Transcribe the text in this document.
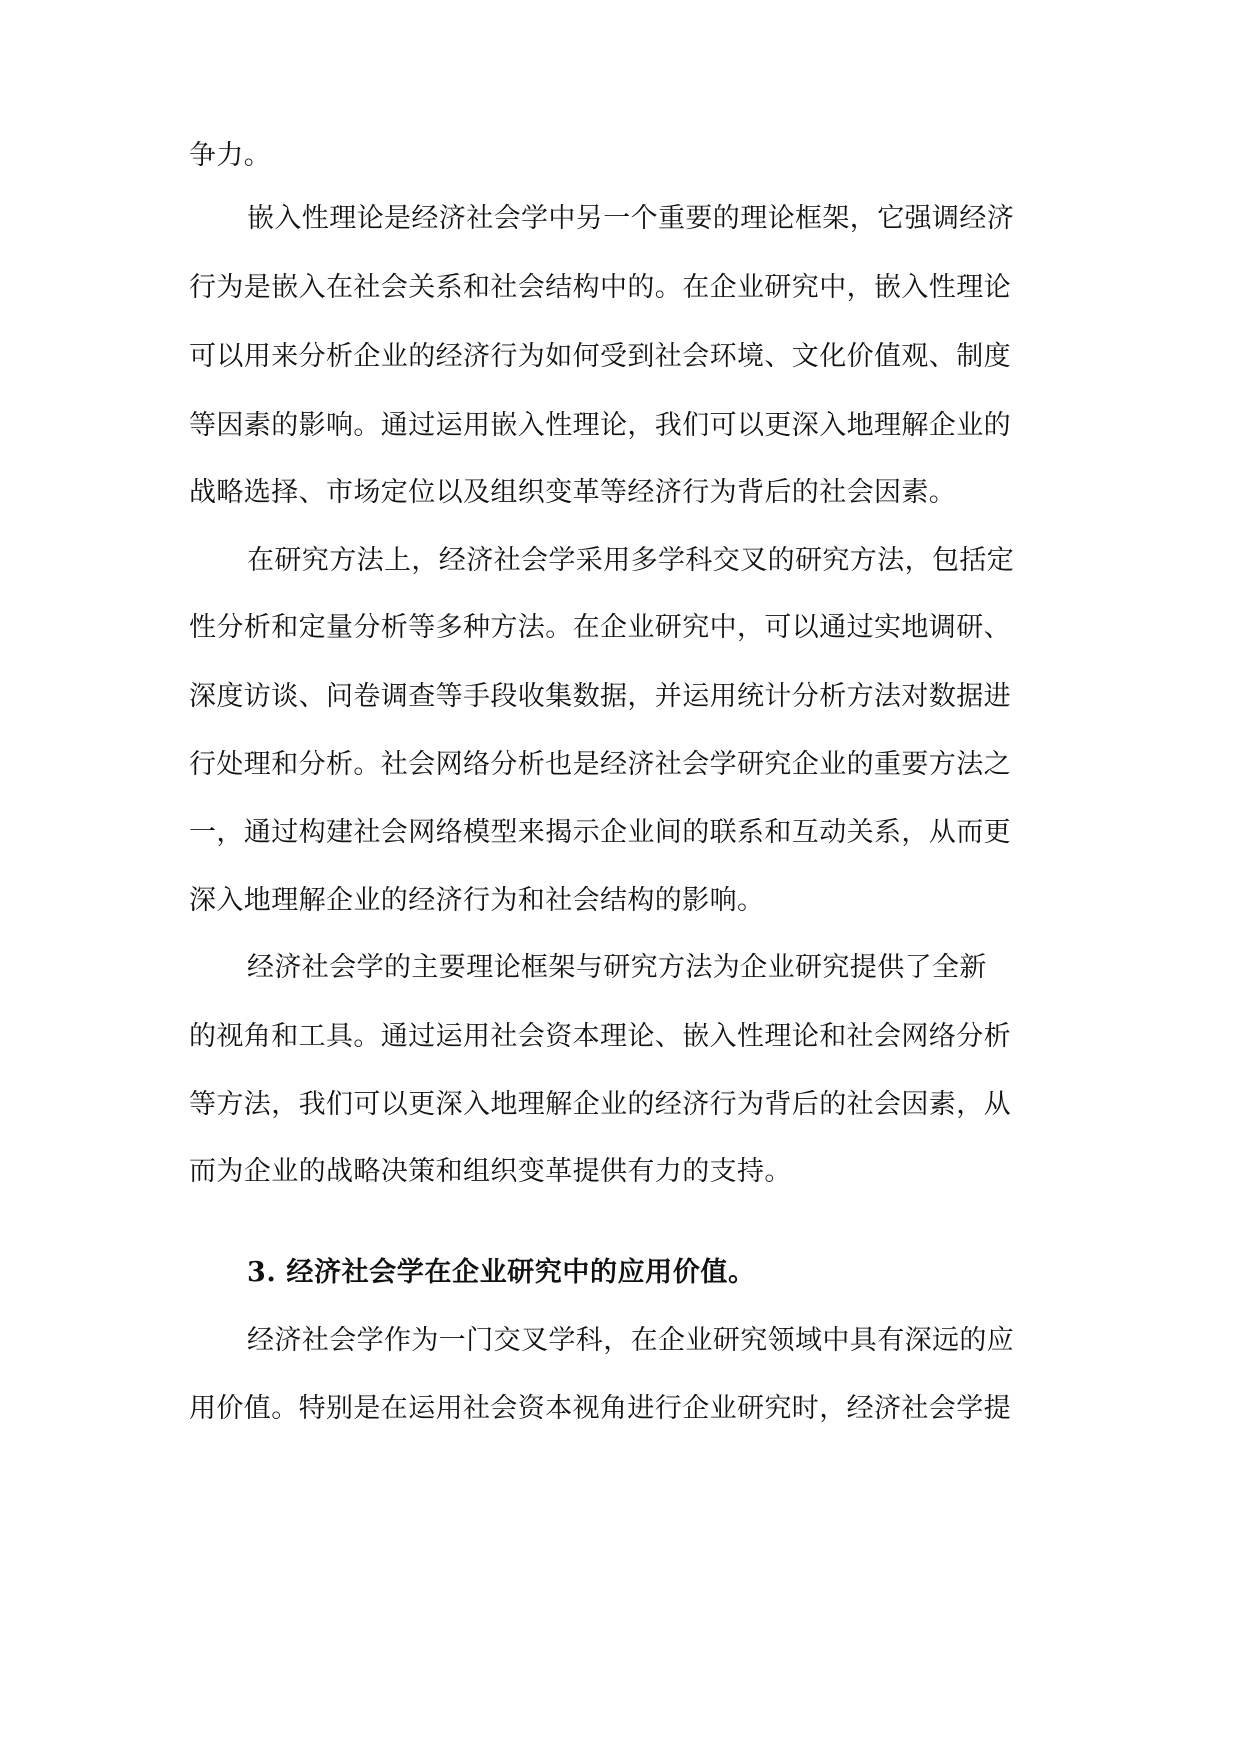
争力。
嵌入性理论是经济社会学中另一个重要的理论框架，它强调经济
行为是嵌入在社会关系和社会结构中的。在企业研究中，嵌入性理论
可以用来分析企业的经济行为如何受到社会环境、文化价值观、制度
等因素的影响。通过运用嵌入性理论，我们可以更深入地理解企业的
战略选择、市场定位以及组织变革等经济行为背后的社会因素。
在研究方法上，经济社会学采用多学科交叉的研究方法，包括定
性分析和定量分析等多种方法。在企业研究中，可以通过实地调研、
深度访谈、问卷调查等手段收集数据，并运用统计分析方法对数据进
行处理和分析。社会网络分析也是经济社会学研究企业的重要方法之
一，通过构建社会网络模型来揭示企业间的联系和互动关系，从而更
深入地理解企业的经济行为和社会结构的影响。
经济社会学的主要理论框架与研究方法为企业研究提供了全新
的视角和工具。通过运用社会资本理论、嵌入性理论和社会网络分析
等方法，我们可以更深入地理解企业的经济行为背后的社会因素，从
而为企业的战略决策和组织变革提供有力的支持。
3. 经济社会学在企业研究中的应用价值。
经济社会学作为一门交叉学科，在企业研究领域中具有深远的应
用价值。特别是在运用社会资本视角进行企业研究时，经济社会学提
